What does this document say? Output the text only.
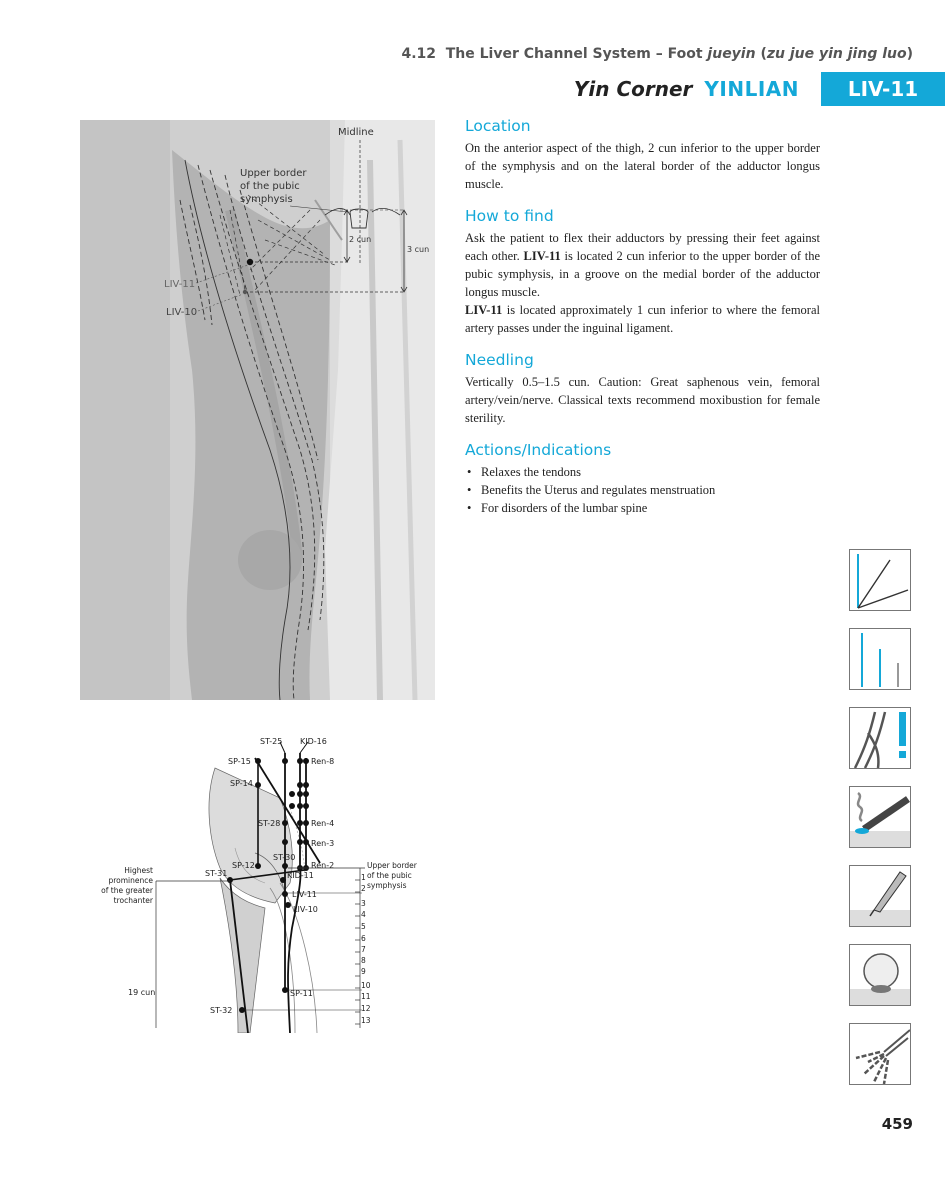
4.12 The Liver Channel System – Foot jueyin (zu jue yin jing luo)
Yin Corner YINLIAN	LIV-11
Midline
Upper border
of the pubic
symphysis
2 cun
3 cun
LIV-11
LIV-10
Location

On the anterior aspect of the thigh, 2 cun inferior to the upper border of the symphysis and on the lateral border of the adductor longus muscle.

How to find

Ask the patient to flex their adductors by pressing their feet against each other. LIV-11 is located 2 cun inferior to the upper border of the pubic symphysis, in a groove on the medial border of the adductor longus muscle.

LIV-11 is located approximately 1 cun inferior to where the femoral artery passes under the inguinal ligament.

Needling

Vertically 0.5–1.5 cun. Caution: Great saphenous vein, femoral artery/vein/nerve. Classical texts recommend moxibustion for female sterility.

Actions/Indications
• Relaxes the tendons
• Benefits the Uterus and regulates menstruation
• For disorders of the lumbar spine
ST-25 KID-16
SP-15	Ren-8
SP-14
ST-28	Ren-4
Ren-3
ST-30
SP-12	Ren-2
ST-31	KID-11
LIV-11
LIV-10
SP-11
ST-32
19 cun
Highest
prominence
of the greater
trochanter
Upper border
of the pubic
symphysis
1
2
3
4
5
6
7
8
9
10
11
12
13
459
